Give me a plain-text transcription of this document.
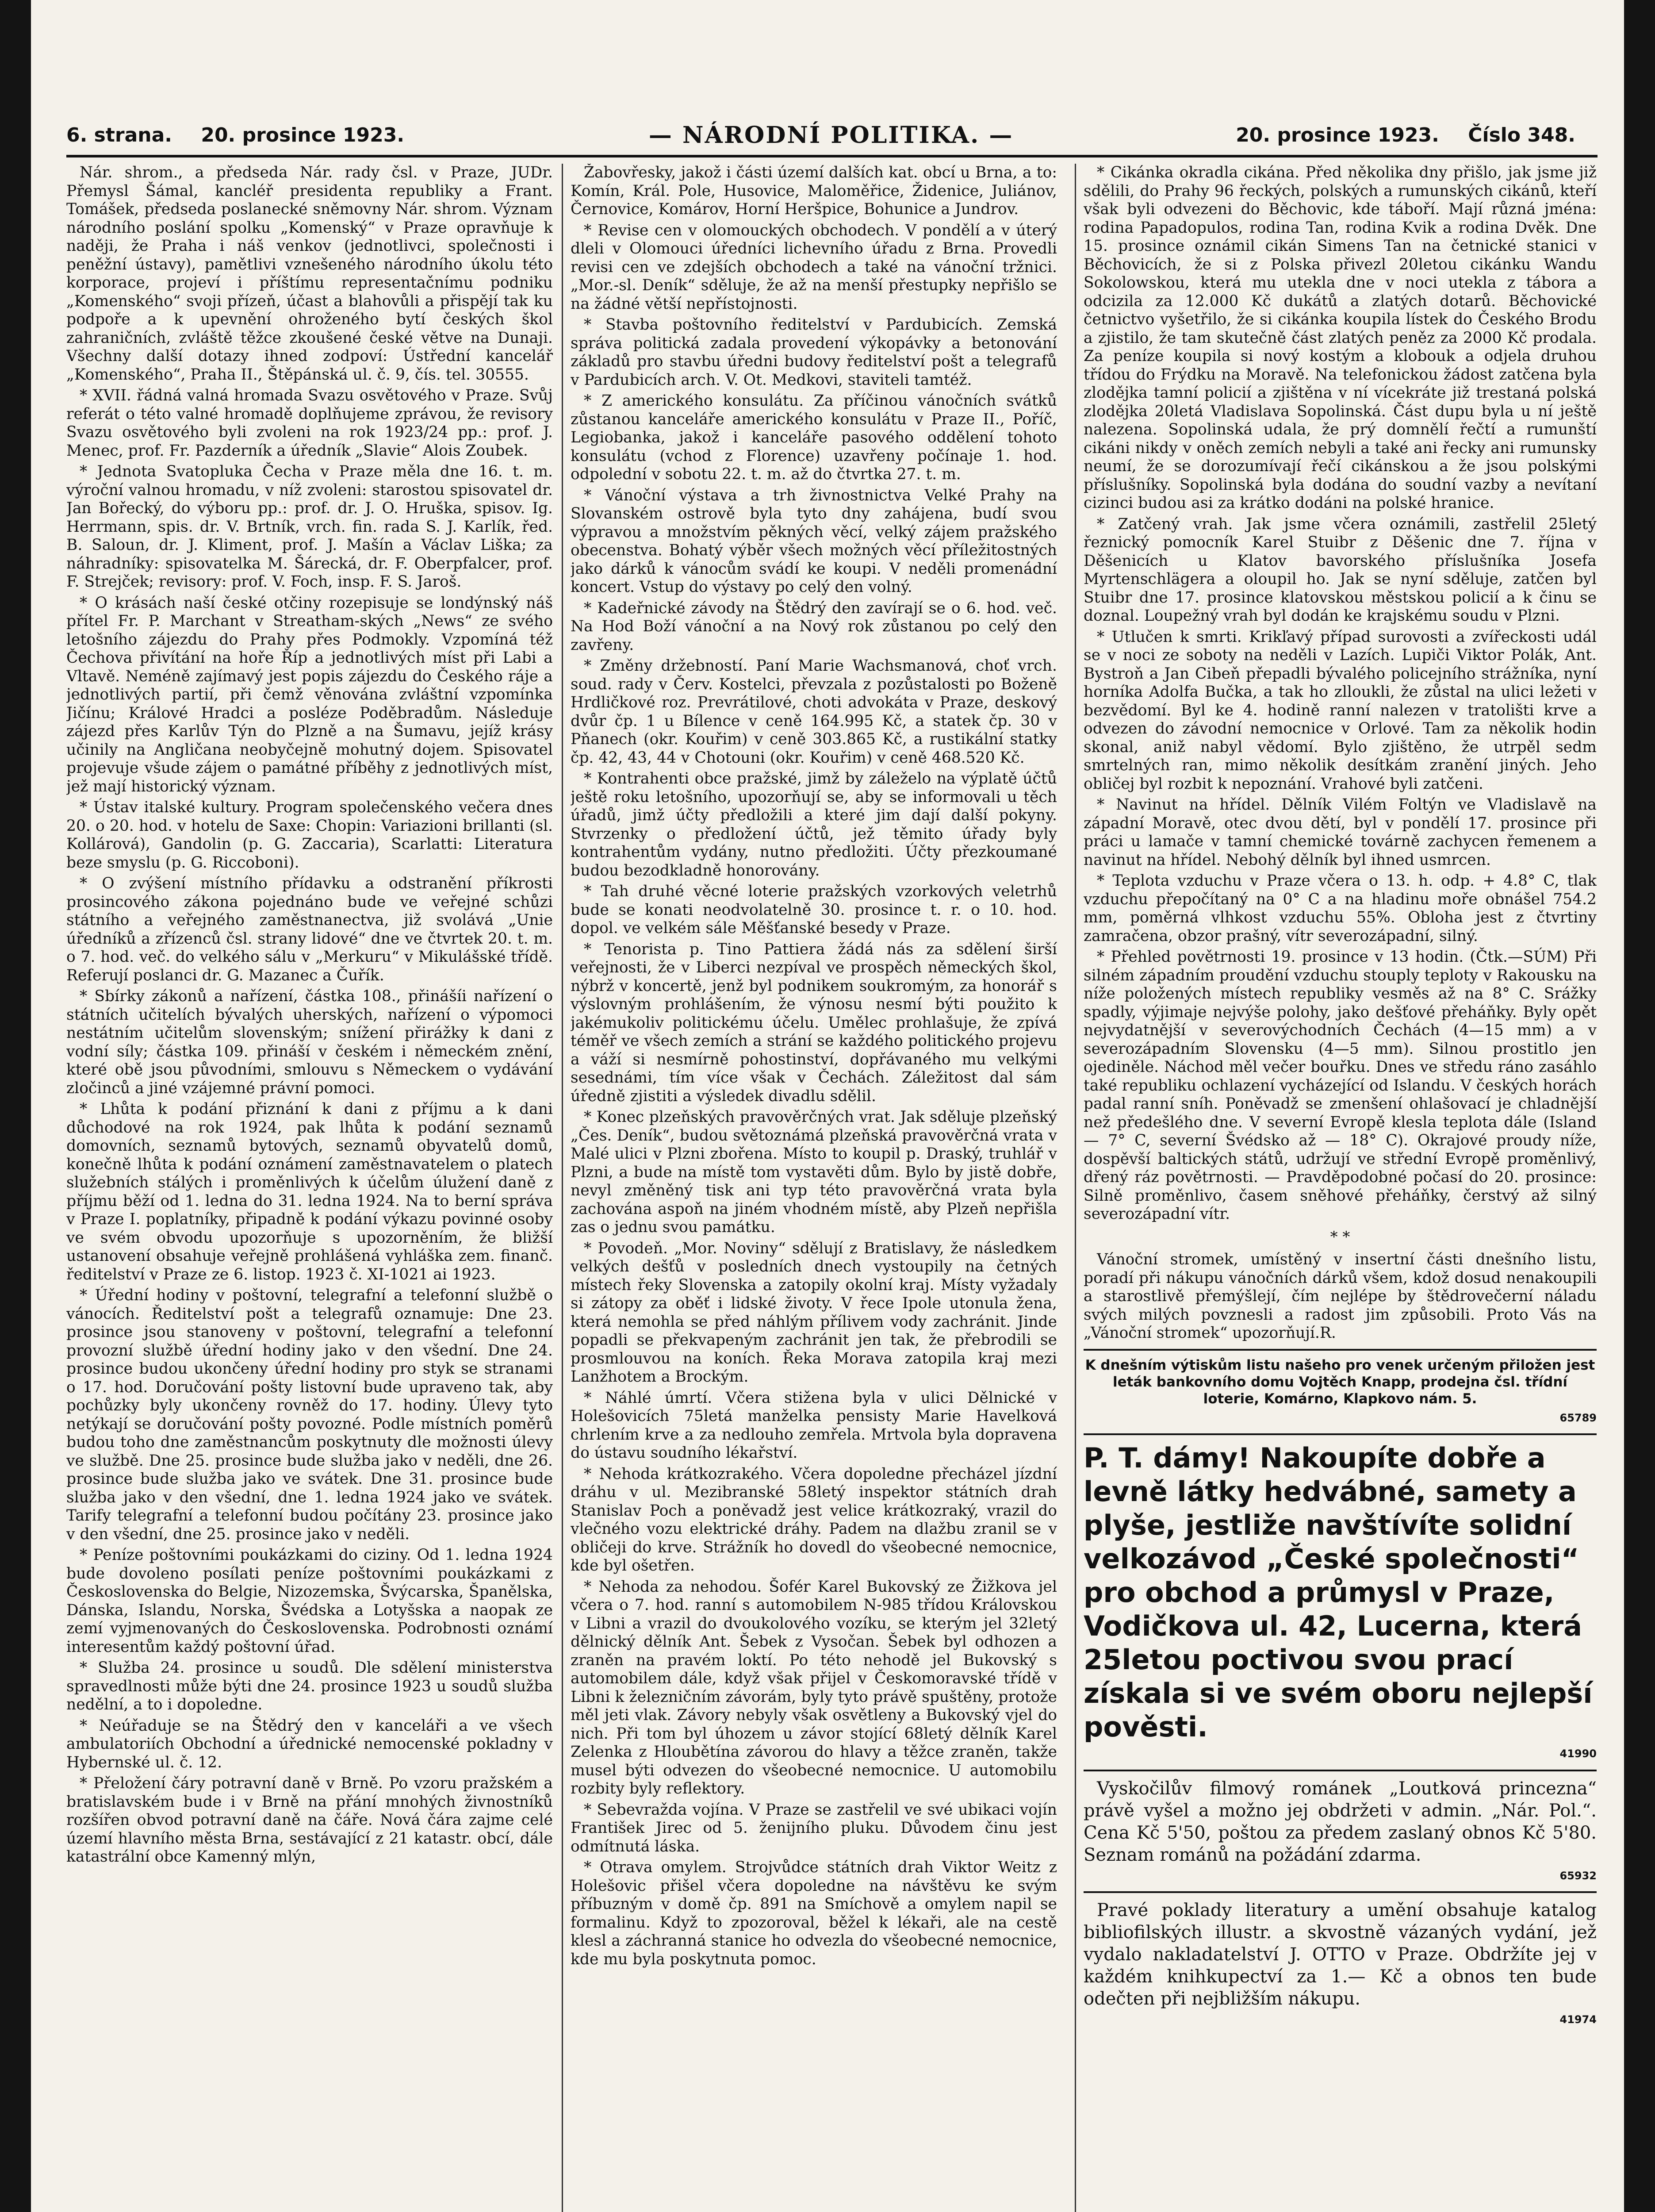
6. strana. 20. prosince 1923.	— NÁRODNÍ POLITIKA. —	20. prosince 1923. Číslo 348.

Nár. shrom., a předseda Nár. rady čsl. v Praze, JUDr. Přemysl Šámal, kancléř presidenta republiky a Frant. Tomášek, předseda poslanecké sněmovny Nár. shrom. Význam národního poslání spolku „Komenský“ v Praze opravňuje k naději, že Praha i náš venkov (jednotlivci, společnosti i peněžní ústavy), pamětlivi vznešeného národního úkolu této korporace, projeví i příštímu representačnímu podniku „Komenského“ svoji přízeň, účast a blahovůli a přispějí tak ku podpoře a k upevnění ohroženého bytí českých škol zahraničních, zvláště těžce zkoušené české větve na Dunaji. Všechny další dotazy ihned zodpoví: Ústřední kancelář „Komenského“, Praha II., Štěpánská ul. č. 9, čís. tel. 30555.

* XVII. řádná valná hromada Svazu osvětového v Praze. Svůj referát o této valné hromadě doplňujeme zprávou, že revisory Svazu osvětového byli zvoleni na rok 1923/24 pp.: prof. J. Menec, prof. Fr. Pazderník a úředník „Slavie“ Alois Zoubek.

* Jednota Svatopluka Čecha v Praze měla dne 16. t. m. výroční valnou hromadu, v níž zvoleni: starostou spisovatel dr. Jan Bořecký, do výboru pp.: prof. dr. J. O. Hruška, spisov. Ig. Herrmann, spis. dr. V. Brtník, vrch. fin. rada S. J. Karlík, řed. B. Saloun, dr. J. Kliment, prof. J. Mašín a Václav Liška; za náhradníky: spisovatelka M. Šárecká, dr. F. Oberpfalcer, prof. F. Strejček; revisory: prof. V. Foch, insp. F. S. Jaroš.

* O krásách naší české otčiny rozepisuje se londýnský náš přítel Fr. P. Marchant v Streatham-ských „News“ ze svého letošního zájezdu do Prahy přes Podmokly. Vzpomíná též Čechova přivítání na hoře Říp a jednotlivých míst při Labi a Vltavě. Neméně zajímavý jest popis zájezdu do Českého ráje a jednotlivých partií, při čemž věnována zvláštní vzpomínka Jičínu; Králové Hradci a posléze Poděbradům. Následuje zájezd přes Karlův Týn do Plzně a na Šumavu, jejíž krásy učinily na Angličana neobyčejně mohutný dojem. Spisovatel projevuje všude zájem o památné příběhy z jednotlivých míst, jež mají historický význam.

* Ústav italské kultury. Program společenského večera dnes 20. o 20. hod. v hotelu de Saxe: Chopin: Variazioni brillanti (sl. Kollárová), Gandolin (p. G. Zaccaria), Scarlatti: Literatura beze smyslu (p. G. Riccoboni).

* O zvýšení místního přídavku a odstranění příkrosti prosincového zákona pojednáno bude ve veřejné schůzi státního a veřejného zaměstnanectva, již svolává „Unie úředníků a zřízenců čsl. strany lidové“ dne ve čtvrtek 20. t. m. o 7. hod. več. do velkého sálu v „Merkuru“ v Mikulášské třídě. Referují poslanci dr. G. Mazanec a Čuřík.

* Sbírky zákonů a nařízení, částka 108., přinášíi nařízení o státních učitelích bývalých uherských, nařízení o výpomoci nestátním učitelům slovenským; snížení přirážky k dani z vodní síly; částka 109. přináší v českém i německém znění, které obě jsou původními, smlouvu s Německem o vydávání zločinců a jiné vzájemné právní pomoci.

* Lhůta k podání přiznání k dani z příjmu a k dani důchodové na rok 1924, pak lhůta k podání seznamů domovních, seznamů bytových, seznamů obyvatelů domů, konečně lhůta k podání oznámení zaměstnavatelem o platech služebních stálých i proměnlivých k účelům úlužení daně z příjmu běží od 1. ledna do 31. ledna 1924. Na to berní správa v Praze I. poplatníky, připadně k podání výkazu povinné osoby ve svém obvodu upozorňuje s upozorněním, že bližší ustanovení obsahuje veřejně prohlášená vyhláška zem. finanč. ředitelství v Praze ze 6. listop. 1923 č. XI-1021 ai 1923.

* Úřední hodiny v poštovní, telegrafní a telefonní službě o vánocích. Ředitelství pošt a telegrafů oznamuje: Dne 23. prosince jsou stanoveny v poštovní, telegrafní a telefonní provozní službě úřední hodiny jako v den všední. Dne 24. prosince budou ukončeny úřední hodiny pro styk se stranami o 17. hod. Doručování pošty listovní bude upraveno tak, aby pochůzky byly ukončeny rovněž do 17. hodiny. Úlevy tyto netýkají se doručování pošty povozné. Podle místních poměrů budou toho dne zaměstnancům poskytnuty dle možnosti úlevy ve službě. Dne 25. prosince bude služba jako v neděli, dne 26. prosince bude služba jako ve svátek. Dne 31. prosince bude služba jako v den všední, dne 1. ledna 1924 jako ve svátek. Tarify telegrafní a telefonní budou počítány 23. prosince jako v den všední, dne 25. prosince jako v neděli.

* Peníze poštovními poukázkami do ciziny. Od 1. ledna 1924 bude dovoleno posílati peníze poštovními poukázkami z Československa do Belgie, Nizozemska, Švýcarska, Španělska, Dánska, Islandu, Norska, Švédska a Lotyšska a naopak ze zemí vyjmenovaných do Československa. Podrobnosti oznámí interesentům každý poštovní úřad.

* Služba 24. prosince u soudů. Dle sdělení ministerstva spravedlnosti může býti dne 24. prosince 1923 u soudů služba nedělní, a to i dopoledne.

* Neúřaduje se na Štědrý den v kanceláři a ve všech ambulatoriích Obchodní a úřednické nemocenské pokladny v Hybernské ul. č. 12.

* Přeložení čáry potravní daně v Brně. Po vzoru pražském a bratislavském bude i v Brně na přání mnohých živnostníků rozšířen obvod potravní daně na čáře. Nová čára zajme celé území hlavního města Brna, sestávající z 21 katastr. obcí, dále katastrální obce Kamenný mlýn,

Žabovřesky, jakož i části území dalších kat. obcí u Brna, a to: Komín, Král. Pole, Husovice, Maloměřice, Židenice, Juliánov, Černovice, Komárov, Horní Heršpice, Bohunice a Jundrov.

* Revise cen v olomouckých obchodech. V pondělí a v úterý dleli v Olomouci úředníci lichevního úřadu z Brna. Provedli revisi cen ve zdejších obchodech a také na vánoční tržnici. „Mor.-sl. Deník“ sděluje, že až na menší přestupky nepřišlo se na žádné větší nepřístojnosti.

* Stavba poštovního ředitelství v Pardubicích. Zemská správa politická zadala provedení výkopávky a betonování základů pro stavbu úředni budovy ředitelství pošt a telegrafů v Pardubicích arch. V. Ot. Medkovi, staviteli tamtéž.

* Z amerického konsulátu. Za příčinou vánočních svátků zůstanou kanceláře amerického konsulátu v Praze II., Poříč, Legiobanka, jakož i kanceláře pasového oddělení tohoto konsulátu (vchod z Florence) uzavřeny počínaje 1. hod. odpolední v sobotu 22. t. m. až do čtvrtka 27. t. m.

* Vánoční výstava a trh živnostnictva Velké Prahy na Slovanském ostrově byla tyto dny zahájena, budí svou výpravou a množstvím pěkných věcí, velký zájem pražského obecenstva. Bohatý výběr všech možných věcí příležitostných jako dárků k vánocům svádí ke koupi. V neděli promenádní koncert. Vstup do výstavy po celý den volný.

* Kadeřnické závody na Štědrý den zavírají se o 6. hod. več. Na Hod Boží vánoční a na Nový rok zůstanou po celý den zavřeny.

* Změny držebností. Paní Marie Wachsmanová, choť vrch. soud. rady v Červ. Kostelci, převzala z pozůstalosti po Boženě Hrdličkové roz. Prevrátilové, choti advokáta v Praze, deskový dvůr čp. 1 u Bílence v ceně 164.995 Kč, a statek čp. 30 v Pňanech (okr. Kouřim) v ceně 303.865 Kč, a rustikální statky čp. 42, 43, 44 v Chotouni (okr. Kouřim) v ceně 468.520 Kč.

* Kontrahenti obce pražské, jimž by záleželo na výplatě účtů ještě roku letošního, upozorňují se, aby se informovali u těch úřadů, jimž účty předložili a které jim dají další pokyny. Stvrzenky o předložení účtů, jež těmito úřady byly kontrahentům vydány, nutno předložiti. Účty přezkoumané budou bezodkladně honorovány.

* Tah druhé věcné loterie pražských vzorkových veletrhů bude se konati neodvolatelně 30. prosince t. r. o 10. hod. dopol. ve velkém sále Měšťanské besedy v Praze.

* Tenorista p. Tino Pattiera žádá nás za sdělení širší veřejnosti, že v Liberci nezpíval ve prospěch německých škol, nýbrž v koncertě, jenž byl podnikem soukromým, za honorář s výslovným prohlášením, že výnosu nesmí býti použito k jakémukoliv politickému účelu. Umělec prohlašuje, že zpívá téměř ve všech zemích a strání se každého politického projevu a váží si nesmírně pohostinství, dopřávaného mu velkými sesednámi, tím více však v Čechách. Záležitost dal sám úředně zjistiti a výsledek divadlu sdělil.

* Konec plzeňských pravověrčných vrat. Jak sděluje plzeňský „Čes. Deník“, budou světoznámá plzeňská pravověrčná vrata v Malé ulici v Plzni zbořena. Místo to koupil p. Draský, truhlář v Plzni, a bude na místě tom vystavěti dům. Bylo by jistě dobře, nevyl změněný tisk ani typ této pravověrčná vrata byla zachována aspoň na jiném vhodném místě, aby Plzeň nepřišla zas o jednu svou památku.

* Povodeň. „Mor. Noviny“ sdělují z Bratislavy, že následkem velkých dešťů v posledních dnech vystoupily na četných místech řeky Slovenska a zatopily okolní kraj. Místy vyžadaly si zátopy za oběť i lidské životy. V řece Ipole utonula žena, která nemohla se před náhlým přílivem vody zachránit. Jinde popadli se překvapeným zachránit jen tak, že přebrodili se prosmlouvou na koních. Řeka Morava zatopila kraj mezi Lanžhotem a Brockým.

* Náhlé úmrtí. Včera stižena byla v ulici Dělnické v Holešovicích 75letá manželka pensisty Marie Havelková chrlením krve a za nedlouho zemřela. Mrtvola byla dopravena do ústavu soudního lékařství.

* Nehoda krátkozrakého. Včera dopoledne přecházel jízdní dráhu v ul. Mezibranské 58letý inspektor státních drah Stanislav Poch a poněvadž jest velice krátkozraký, vrazil do vlečného vozu elektrické dráhy. Padem na dlažbu zranil se v obličeji do krve. Strážník ho dovedl do všeobecné nemocnice, kde byl ošetřen.

* Nehoda za nehodou. Šofér Karel Bukovský ze Žižkova jel včera o 7. hod. ranní s automobilem N-985 třídou Královskou v Libni a vrazil do dvoukolového vozíku, se kterým jel 32letý dělnický dělník Ant. Šebek z Vysočan. Šebek byl odhozen a zraněn na pravém loktí. Po této nehodě jel Bukovský s automobilem dále, když však přijel v Českomoravské třídě v Libni k železničním závorám, byly tyto právě spuštěny, protože měl jeti vlak. Závory nebyly však osvětleny a Bukovský vjel do nich. Při tom byl úhozem u závor stojící 68letý dělník Karel Zelenka z Hloubětína závorou do hlavy a těžce zraněn, takže musel býti odvezen do všeobecné nemocnice. U automobilu rozbity byly reflektory.

* Sebevražda vojína. V Praze se zastřelil ve své ubikaci vojín František Jirec od 5. ženijního pluku. Důvodem činu jest odmítnutá láska.

* Otrava omylem. Strojvůdce státních drah Viktor Weitz z Holešovic přišel včera dopoledne na návštěvu ke svým příbuzným v domě čp. 891 na Smíchově a omylem napil se formalinu. Když to zpozoroval, běžel k lékaři, ale na cestě klesl a záchranná stanice ho odvezla do všeobecné nemocnice, kde mu byla poskytnuta pomoc.

* Cikánka okradla cikána. Před několika dny přišlo, jak jsme již sdělili, do Prahy 96 řeckých, polských a rumunských cikánů, kteří však byli odvezeni do Běchovic, kde táboří. Mají různá jména: rodina Papadopulos, rodina Tan, rodina Kvik a rodina Dvěk. Dne 15. prosince oznámil cikán Simens Tan na četnické stanici v Běchovicích, že si z Polska přivezl 20letou cikánku Wandu Sokolowskou, která mu utekla dne v noci utekla z tábora a odcizila za 12.000 Kč dukátů a zlatých dotarů. Běchovické četnictvo vyšetřilo, že si cikánka koupila lístek do Českého Brodu a zjistilo, že tam skutečně část zlatých peněz za 2000 Kč prodala. Za peníze koupila si nový kostým a klobouk a odjela druhou třídou do Frýdku na Moravě. Na telefonickou žádost zatčena byla zlodějka tamní policií a zjištěna v ní vícekráte již trestaná polská zlodějka 20letá Vladislava Sopolinská. Část dupu byla u ní ještě nalezena. Sopolinská udala, že prý domnělí řečtí a rumunští cikáni nikdy v oněch zemích nebyli a také ani řecky ani rumunsky neumí, že se dorozumívají řečí cikánskou a že jsou polskými příslušníky. Sopolinská byla dodána do soudní vazby a nevítaní cizinci budou asi za krátko dodáni na polské hranice.

* Zatčený vrah. Jak jsme včera oznámili, zastřelil 25letý řeznický pomocník Karel Stuibr z Děšenic dne 7. října v Děšenicích u Klatov bavorského příslušníka Josefa Myrtenschlägera a oloupil ho. Jak se nyní sděluje, zatčen byl Stuibr dne 17. prosince klatovskou městskou policií a k činu se doznal. Loupežný vrah byl dodán ke krajskému soudu v Plzni.

* Utlučen k smrti. Krikľavý případ surovosti a zvířeckosti udál se v noci ze soboty na neděli v Lazích. Lupiči Viktor Polák, Ant. Bystroň a Jan Cibeň přepadli bývalého policejního strážníka, nyní horníka Adolfa Bučka, a tak ho zlloukli, že zůstal na ulici ležeti v bezvědomí. Byl ke 4. hodině ranní nalezen v tratolišti krve a odvezen do závodní nemocnice v Orlové. Tam za několik hodin skonal, aniž nabyl vědomí. Bylo zjištěno, že utrpěl sedm smrtelných ran, mimo několik desítkám zranění jiných. Jeho obličej byl rozbit k nepoznání. Vrahové byli zatčeni.

* Navinut na hřídel. Dělník Vilém Foltýn ve Vladislavě na západní Moravě, otec dvou dětí, byl v pondělí 17. prosince při práci u lamače v tamní chemické továrně zachycen řemenem a navinut na hřídel. Nebohý dělník byl ihned usmrcen.

* Teplota vzduchu v Praze včera o 13. h. odp. + 4.8° C, tlak vzduchu přepočítaný na 0° C a na hladinu moře obnášel 754.2 mm, poměrná vlhkost vzduchu 55%. Obloha jest z čtvrtiny zamračena, obzor prašný, vítr severozápadní, silný.

* Přehled povětrnosti 19. prosince v 13 hodin. (Čtk.—SÚM) Při silném západním proudění vzduchu stouply teploty v Rakousku na níže položených místech republiky vesměs až na 8° C. Srážky spadly, výjimaje nejvýše polohy, jako dešťové přeháňky. Byly opět nejvydatnější v severovýchodních Čechách (4—15 mm) a v severozápadním Slovensku (4—5 mm). Silnou prostitlo jen ojediněle. Náchod měl večer bouřku. Dnes ve středu ráno zasáhlo také republiku ochlazení vycházející od Islandu. V českých horách padal ranní sníh. Poněvadž se zmenšení ohlašovací je chladnější než předešlého dne. V severní Evropě klesla teplota dále (Island — 7° C, severní Švédsko až — 18° C). Okrajové proudy níže, dospěvší baltických států, udržují ve střední Evropě proměnlivý, dřený ráz povětrnosti. — Pravděpodobné počasí do 20. prosince: Silně proměnlivo, časem sněhové přeháňky, čerstvý až silný severozápadní vítr.

* *

Vánoční stromek, umístěný v insertní části dnešního listu, poradí při nákupu vánočních dárků všem, kdož dosud nenakoupili a starostlivě přemýšlejí, čím nejlépe by štědrovečerní náladu svých milých povznesli a radost jim způsobili. Proto Vás na „Vánoční stromek“ upozorňují.R.

K dnešním výtiskům listu našeho pro venek určeným přiložen jest leták bankovního domu Vojtěch Knapp, prodejna čsl. třídní loterie, Komárno, Klapkovo nám. 5.
65789
P. T. dámy! Nakoupíte dobře a levně látky hedvábné, samety a plyše, jestliže navštívíte solidní velkozávod „České společnosti“ pro obchod a průmysl v Praze, Vodičkova ul. 42, Lucerna, která 25letou poctivou svou prací získala si ve svém oboru nejlepší pověsti.
41990

Vyskočilův filmový románek „Loutková princezna“ právě vyšel a možno jej obdržeti v admin. „Nár. Pol.“. Cena Kč 5'50, poštou za předem zaslaný obnos Kč 5'80. Seznam románů na požádání zdarma.

65932

Pravé poklady literatury a umění obsahuje katalog bibliofilských illustr. a skvostně vázaných vydání, jež vydalo nakladatelství J. OTTO v Praze. Obdržíte jej v každém knihkupectví za 1.— Kč a obnos ten bude odečten při nejbližším nákupu.

41974
